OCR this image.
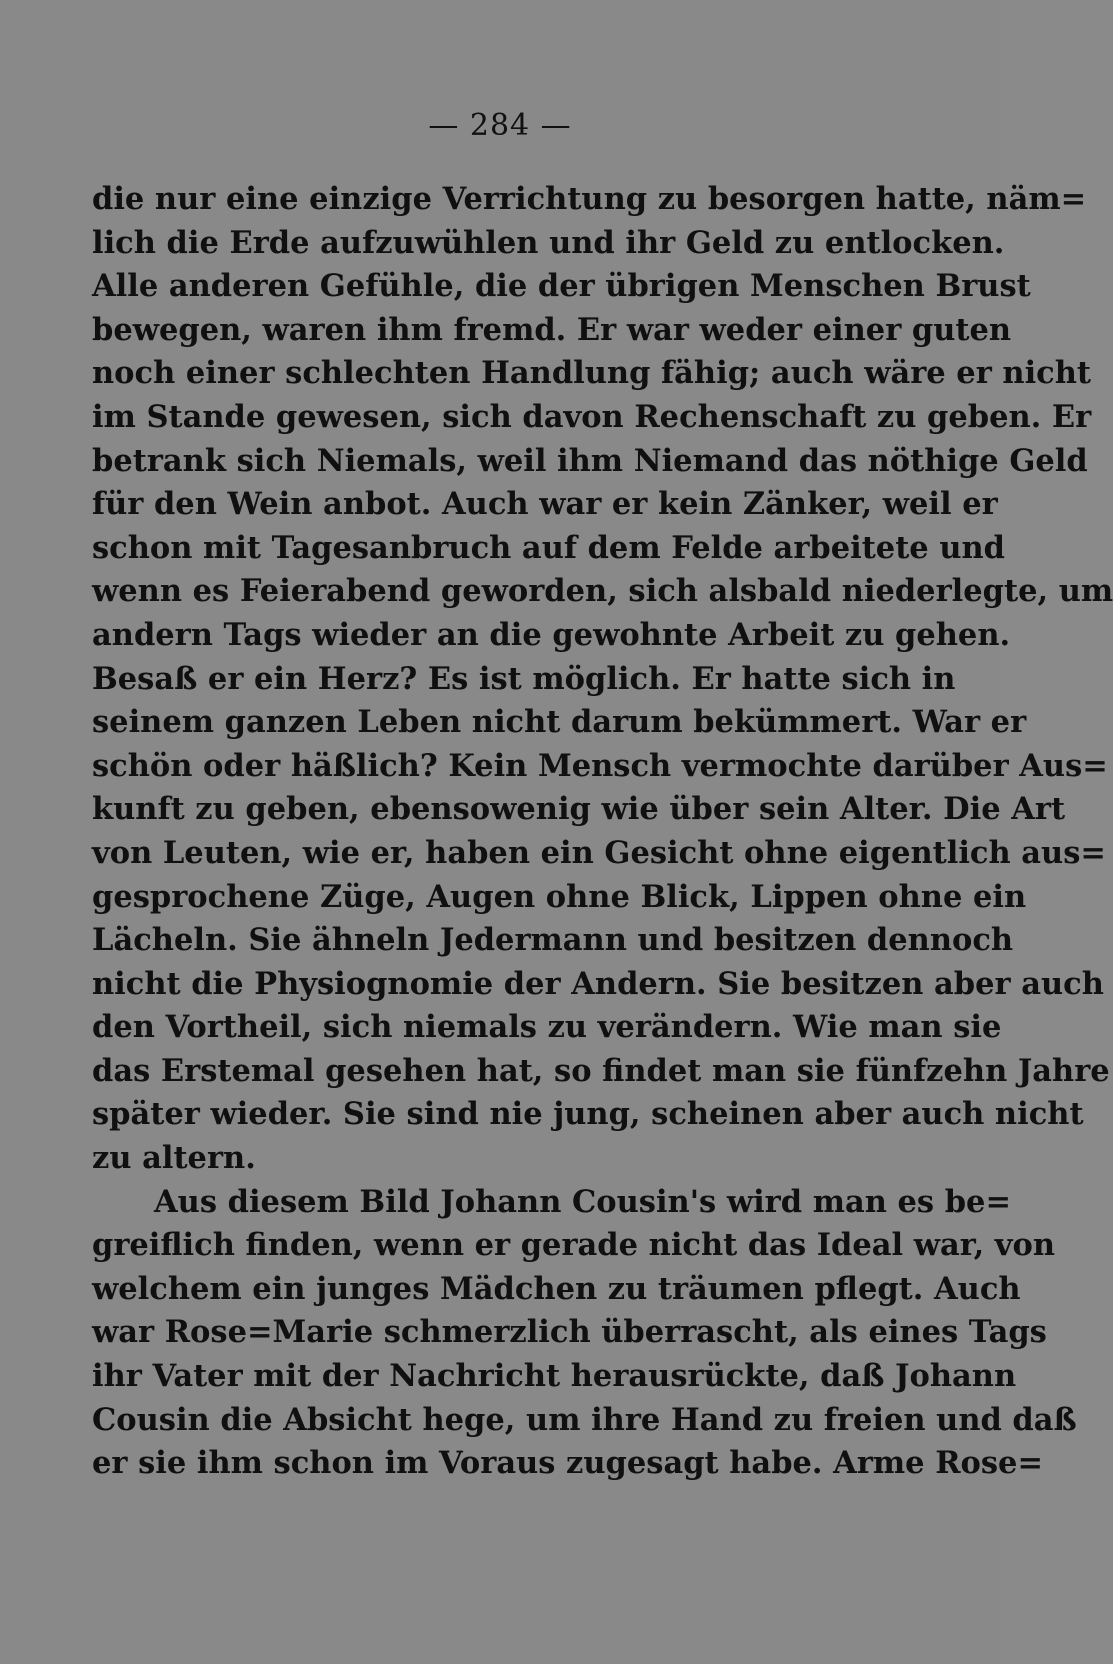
— 284 —
die nur eine einzige Verrichtung zu besorgen hatte, näm=
lich die Erde aufzuwühlen und ihr Geld zu entlocken.
Alle anderen Gefühle, die der übrigen Menschen Brust
bewegen, waren ihm fremd. Er war weder einer guten
noch einer schlechten Handlung fähig; auch wäre er nicht
im Stande gewesen, sich davon Rechenschaft zu geben. Er
betrank sich Niemals, weil ihm Niemand das nöthige Geld
für den Wein anbot. Auch war er kein Zänker, weil er
schon mit Tagesanbruch auf dem Felde arbeitete und
wenn es Feierabend geworden, sich alsbald niederlegte, um
andern Tags wieder an die gewohnte Arbeit zu gehen.
Besaß er ein Herz? Es ist möglich. Er hatte sich in
seinem ganzen Leben nicht darum bekümmert. War er
schön oder häßlich? Kein Mensch vermochte darüber Aus=
kunft zu geben, ebensowenig wie über sein Alter. Die Art
von Leuten, wie er, haben ein Gesicht ohne eigentlich aus=
gesprochene Züge, Augen ohne Blick, Lippen ohne ein
Lächeln. Sie ähneln Jedermann und besitzen dennoch
nicht die Physiognomie der Andern. Sie besitzen aber auch
den Vortheil, sich niemals zu verändern. Wie man sie
das Erstemal gesehen hat, so findet man sie fünfzehn Jahre
später wieder. Sie sind nie jung, scheinen aber auch nicht
zu altern.
Aus diesem Bild Johann Cousin's wird man es be=
greiflich finden, wenn er gerade nicht das Ideal war, von
welchem ein junges Mädchen zu träumen pflegt. Auch
war Rose=Marie schmerzlich überrascht, als eines Tags
ihr Vater mit der Nachricht herausrückte, daß Johann
Cousin die Absicht hege, um ihre Hand zu freien und daß
er sie ihm schon im Voraus zugesagt habe. Arme Rose=
